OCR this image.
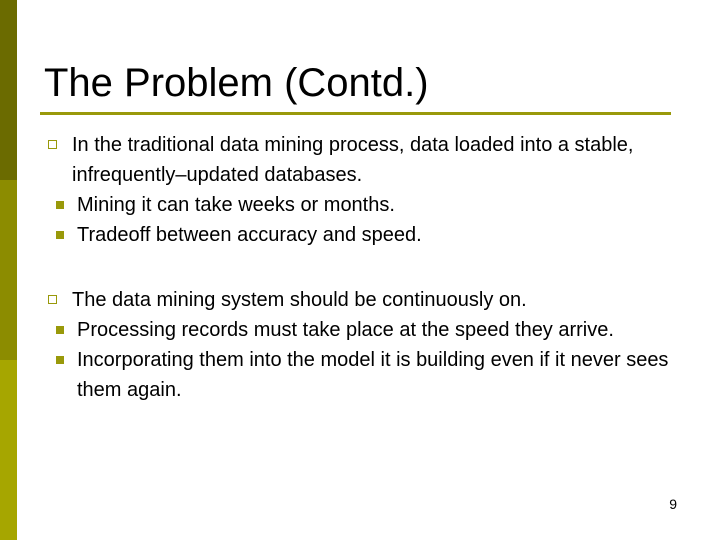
The Problem (Contd.)
In the traditional data mining process, data loaded into a stable, infrequently–updated databases.
Mining it can take weeks or months.
Tradeoff between accuracy and speed.
The data mining system should be continuously on.
Processing records must take place at the speed they arrive.
Incorporating them into the model it is building even if it never sees them again.
9
